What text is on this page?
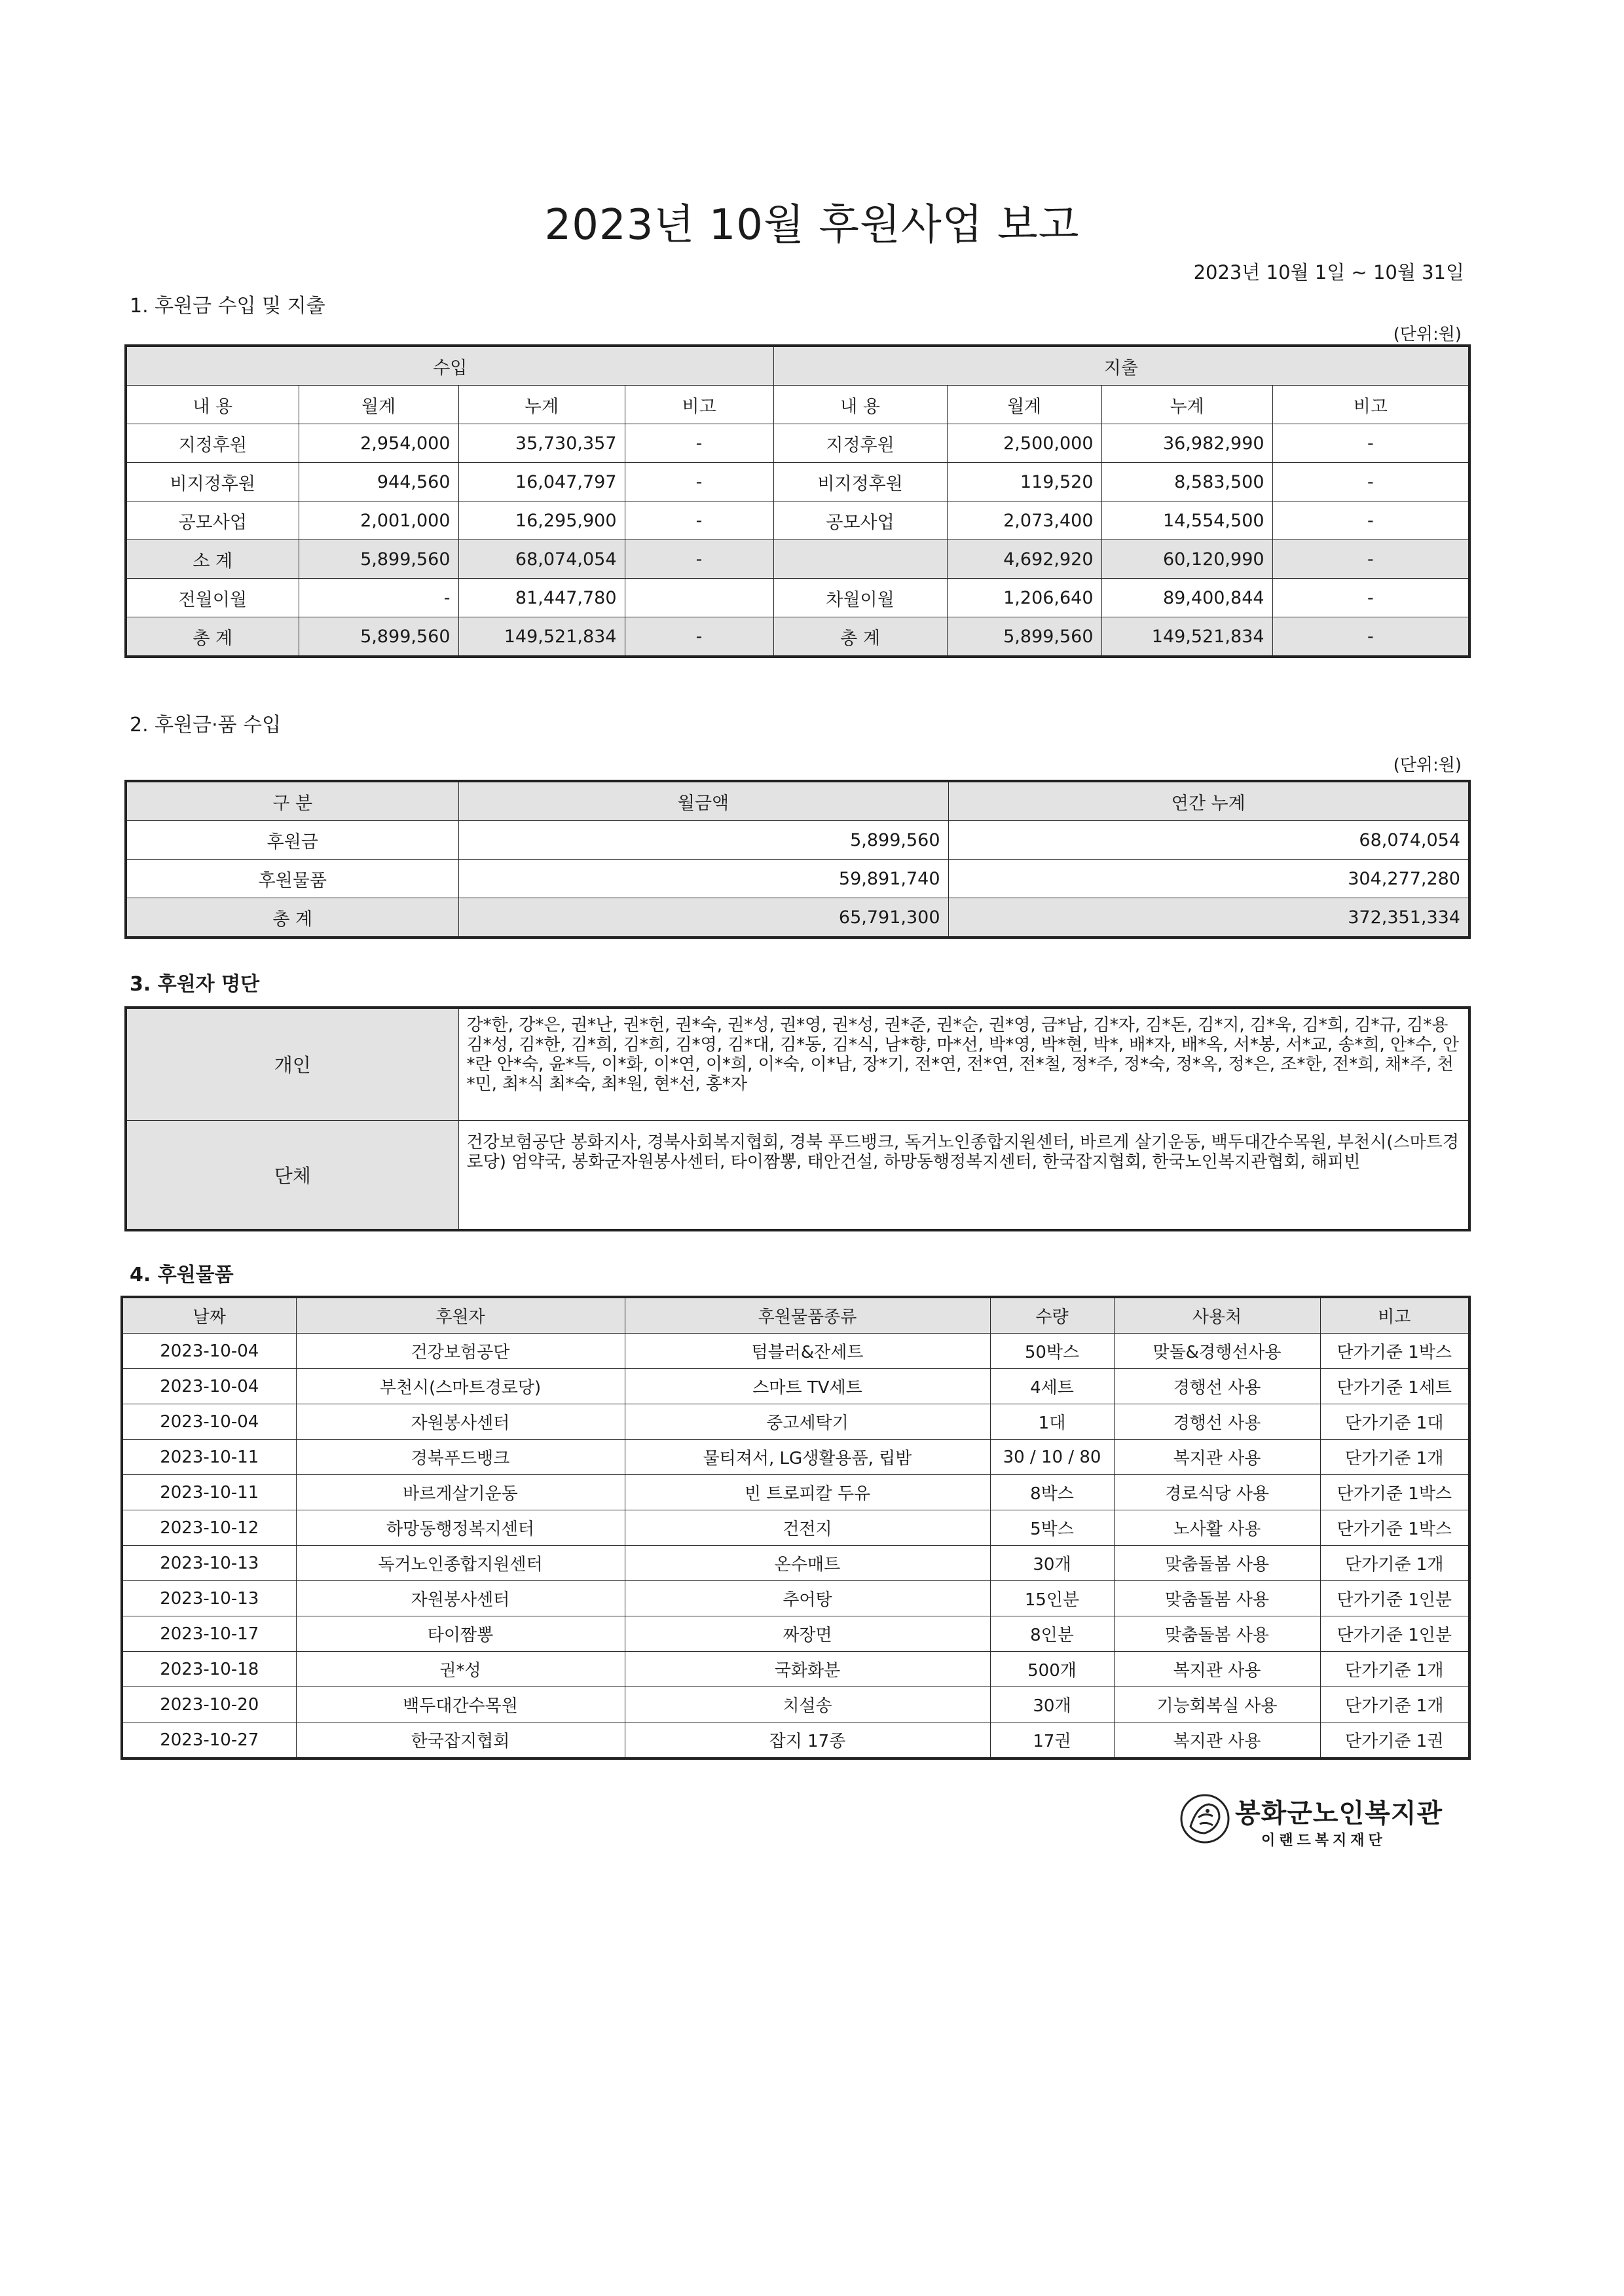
2023년 10월 후원사업 보고
2023년 10월 1일 ~ 10월 31일
1. 후원금 수입 및 지출
(단위:원)
수입				지출			
내 용	월계	누계	비고	내 용	월계	누계	비고
지정후원	2,954,000	35,730,357	-	지정후원	2,500,000	36,982,990	-
비지정후원	944,560	16,047,797	-	비지정후원	119,520	8,583,500	-
공모사업	2,001,000	16,295,900	-	공모사업	2,073,400	14,554,500	-
소 계	5,899,560	68,074,054	-		4,692,920	60,120,990	-
전월이월	-	81,447,780		차월이월	1,206,640	89,400,844	-
총 계	5,899,560	149,521,834	-	총 계	5,899,560	149,521,834	-
2. 후원금·품 수입
(단위:원)
구 분	월금액	연간 누계
후원금	5,899,560	68,074,054
후원물품	59,891,740	304,277,280
총 계	65,791,300	372,351,334
3. 후원자 명단
개인	강*한, 강*은, 권*난, 권*헌, 권*숙, 권*성, 권*영, 권*성, 권*준, 권*순, 권*영, 금*남, 김*자, 김*돈, 김*지, 김*욱, 김*희, 김*규, 김*용 김*성, 김*한, 김*희, 김*희, 김*영, 김*대, 김*동, 김*식, 남*향, 마*선, 박*영, 박*현, 박*, 배*자, 배*옥, 서*봉, 서*교, 송*희, 안*수, 안*란 안*숙, 윤*득, 이*화, 이*연, 이*희, 이*숙, 이*남, 장*기, 전*연, 전*연, 전*철, 정*주, 정*숙, 정*옥, 정*은, 조*한, 전*희, 채*주, 천*민, 최*식 최*숙, 최*원, 현*선, 홍*자
단체	건강보험공단 봉화지사, 경북사회복지협회, 경북 푸드뱅크, 독거노인종합지원센터, 바르게 살기운동, 백두대간수목원, 부천시(스마트경로당) 엄약국, 봉화군자원봉사센터, 타이짬뽕, 태안건설, 하망동행정복지센터, 한국잡지협회, 한국노인복지관협회, 해피빈
4. 후원물품
날짜	후원자	후원물품종류	수량	사용처	비고
2023-10-04	건강보험공단	텀블러&잔세트	50박스	맞돌&경행선사용	단가기준 1박스
2023-10-04	부천시(스마트경로당)	스마트 TV세트	4세트	경행선 사용	단가기준 1세트
2023-10-04	자원봉사센터	중고세탁기	1대	경행선 사용	단가기준 1대
2023-10-11	경북푸드뱅크	물티져서, LG생활용품, 립밤	30 / 10 / 80	복지관 사용	단가기준 1개
2023-10-11	바르게살기운동	빈 트로피칼 두유	8박스	경로식당 사용	단가기준 1박스
2023-10-12	하망동행정복지센터	건전지	5박스	노사활 사용	단가기준 1박스
2023-10-13	독거노인종합지원센터	온수매트	30개	맞춤돌봄 사용	단가기준 1개
2023-10-13	자원봉사센터	추어탕	15인분	맞춤돌봄 사용	단가기준 1인분
2023-10-17	타이짬뽕	짜장면	8인분	맞춤돌봄 사용	단가기준 1인분
2023-10-18	권*성	국화화분	500개	복지관 사용	단가기준 1개
2023-10-20	백두대간수목원	치설송	30개	기능회복실 사용	단가기준 1개
2023-10-27	한국잡지협회	잡지 17종	17권	복지관 사용	단가기준 1권
봉화군노인복지관
이랜드복지재단
